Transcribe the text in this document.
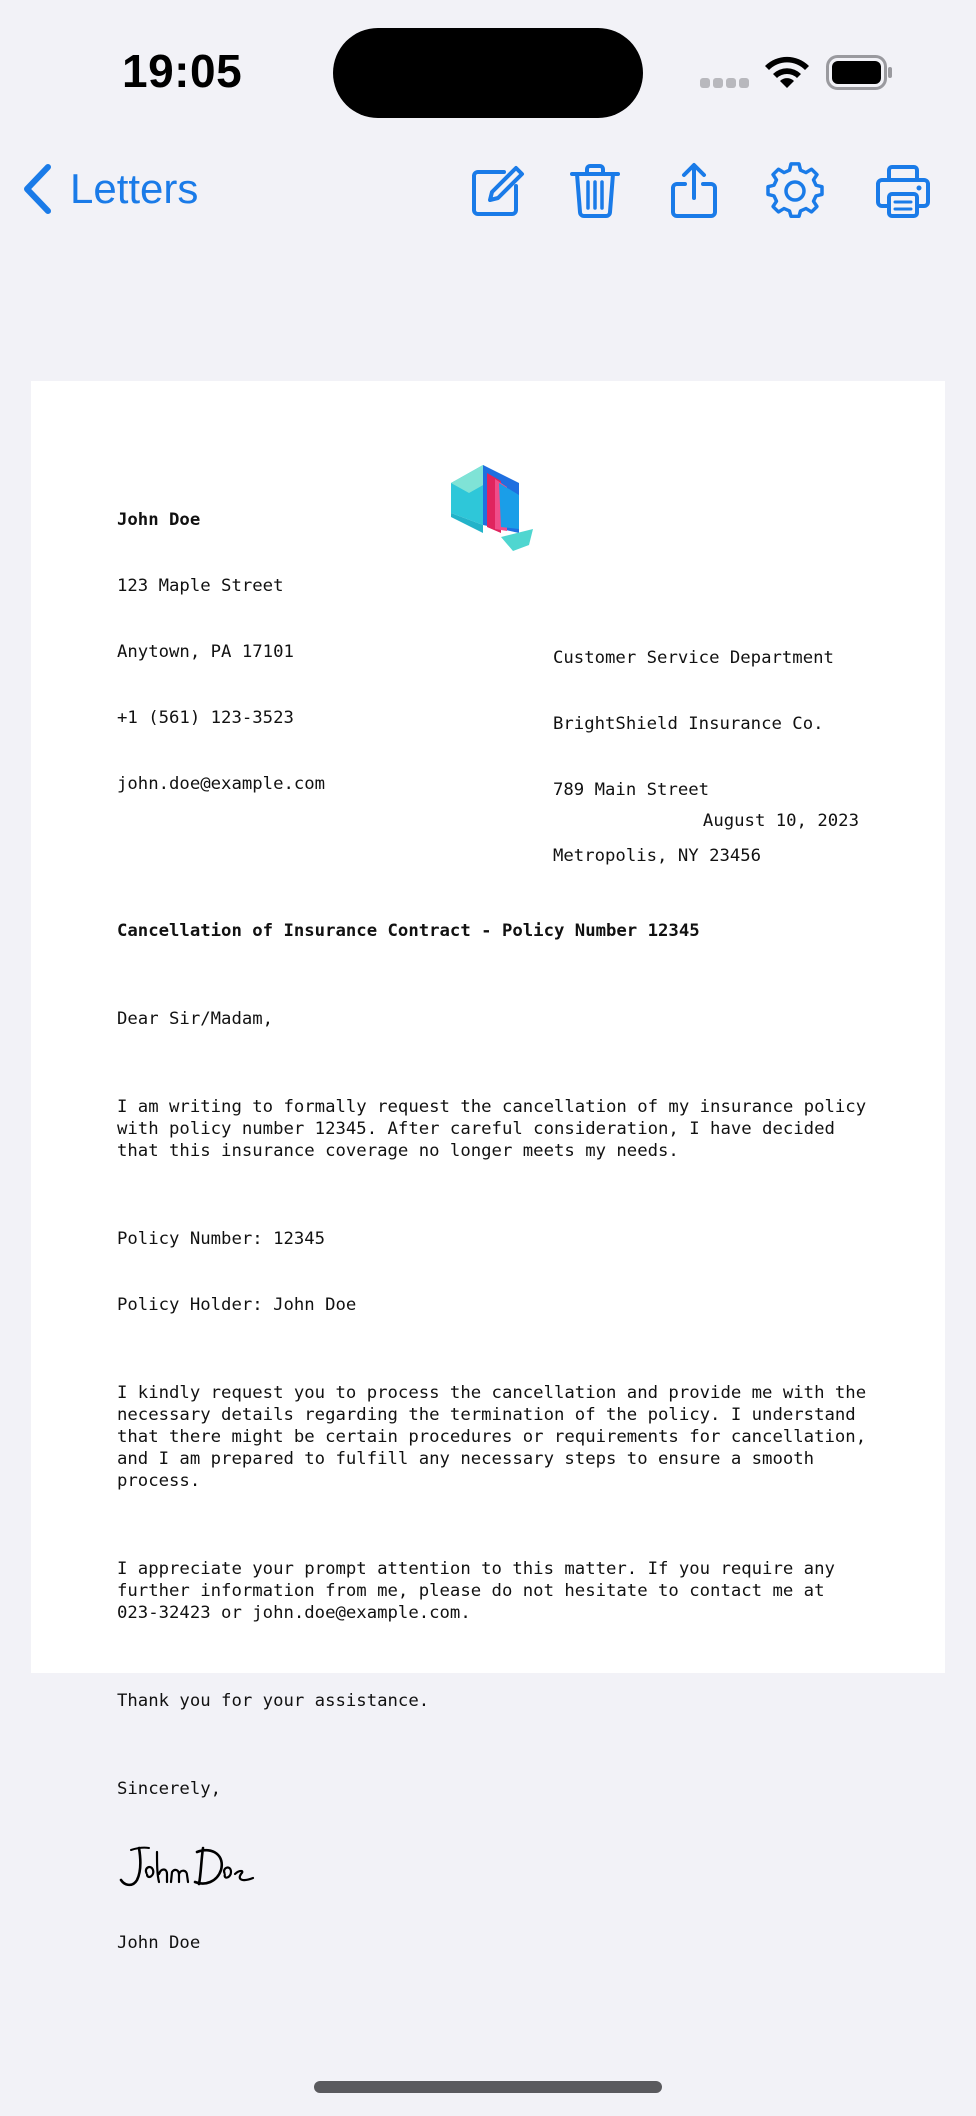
19:05
Letters

John Doe

123 Maple Street

Anytown, PA 17101

+1 (561) 123-3523

john.doe@example.com

Customer Service Department

BrightShield Insurance Co.

789 Main Street

Metropolis, NY 23456

August 10, 2023

Cancellation of Insurance Contract - Policy Number 12345

Dear Sir/Madam,

I am writing to formally request the cancellation of my insurance policy
with policy number 12345. After careful consideration, I have decided
that this insurance coverage no longer meets my needs.

Policy Number: 12345

Policy Holder: John Doe

I kindly request you to process the cancellation and provide me with the
necessary details regarding the termination of the policy. I understand
that there might be certain procedures or requirements for cancellation,
and I am prepared to fulfill any necessary steps to ensure a smooth
process.

I appreciate your prompt attention to this matter. If you require any
further information from me, please do not hesitate to contact me at
023-32423 or john.doe@example.com.

Thank you for your assistance.

Sincerely,

John Doe
